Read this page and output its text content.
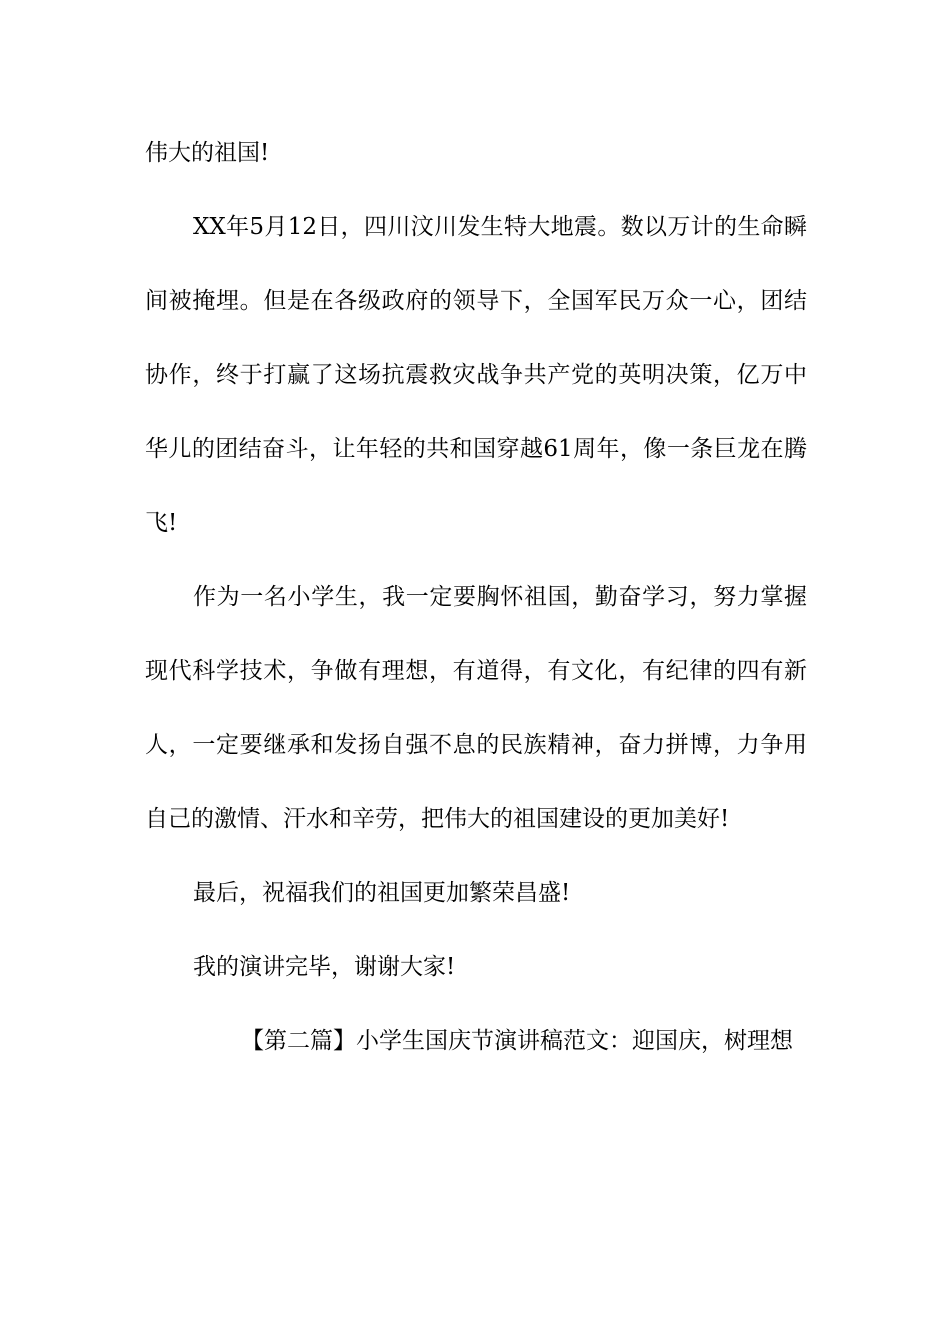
伟大的祖国!

XX年5月12日，四川汶川发生特大地震。数以万计的生命瞬间被掩埋。但是在各级政府的领导下，全国军民万众一心，团结协作，终于打赢了这场抗震救灾战争共产党的英明决策，亿万中华儿的团结奋斗，让年轻的共和国穿越61周年，像一条巨龙在腾飞!

作为一名小学生，我一定要胸怀祖国，勤奋学习，努力掌握现代科学技术，争做有理想，有道得，有文化，有纪律的四有新人，一定要继承和发扬自强不息的民族精神，奋力拼博，力争用自己的激情、汗水和辛劳，把伟大的祖国建设的更加美好!

最后，祝福我们的祖国更加繁荣昌盛!

我的演讲完毕，谢谢大家!

【第二篇】小学生国庆节演讲稿范文：迎国庆，树理想
